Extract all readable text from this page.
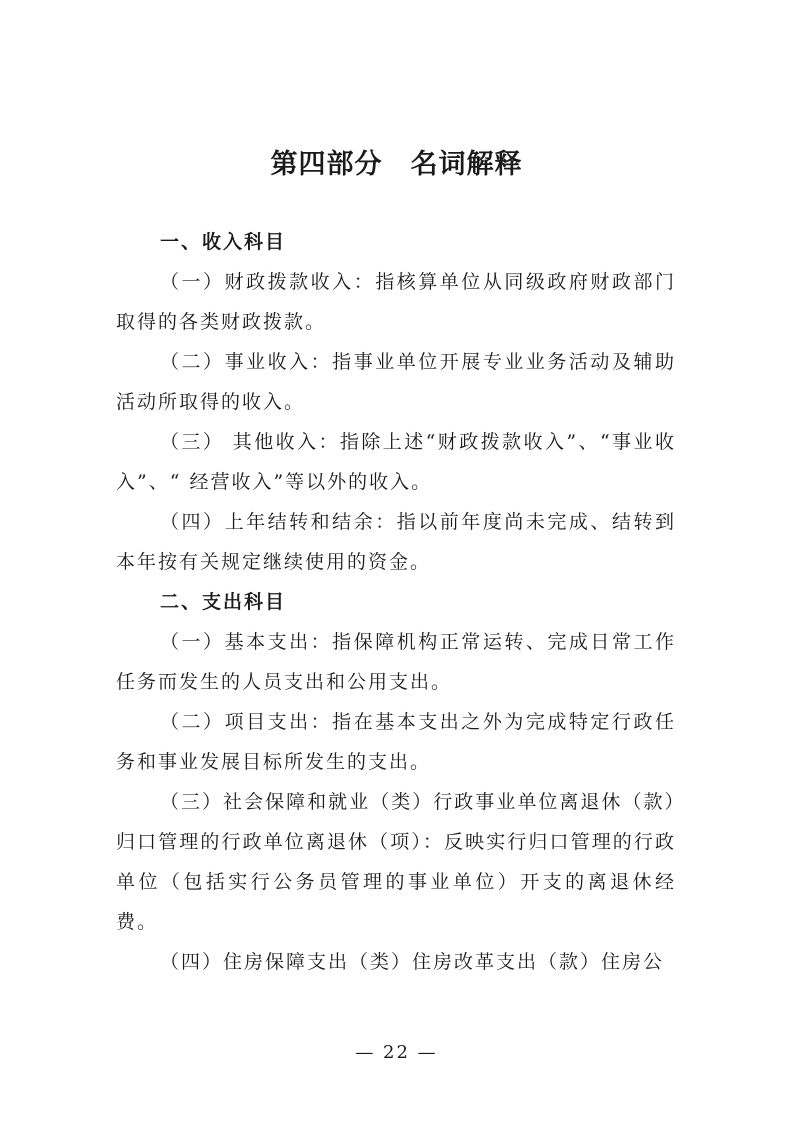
第四部分　名词解释

一、收入科目

（一）财政拨款收入：指核算单位从同级政府财政部门取得的各类财政拨款。

（二）事业收入：指事业单位开展专业业务活动及辅助活动所取得的收入。

（三） 其他收入：指除上述“财政拨款收入”、“事业收入”、“ 经营收入”等以外的收入。

（四）上年结转和结余：指以前年度尚未完成、结转到本年按有关规定继续使用的资金。

二、支出科目

（一）基本支出：指保障机构正常运转、完成日常工作任务而发生的人员支出和公用支出。

（二）项目支出：指在基本支出之外为完成特定行政任务和事业发展目标所发生的支出。

（三）社会保障和就业（类）行政事业单位离退休（款）归口管理的行政单位离退休（项）：反映实行归口管理的行政单位（包括实行公务员管理的事业单位）开支的离退休经费。

（四）住房保障支出（类）住房改革支出（款）住房公

— 22 —
